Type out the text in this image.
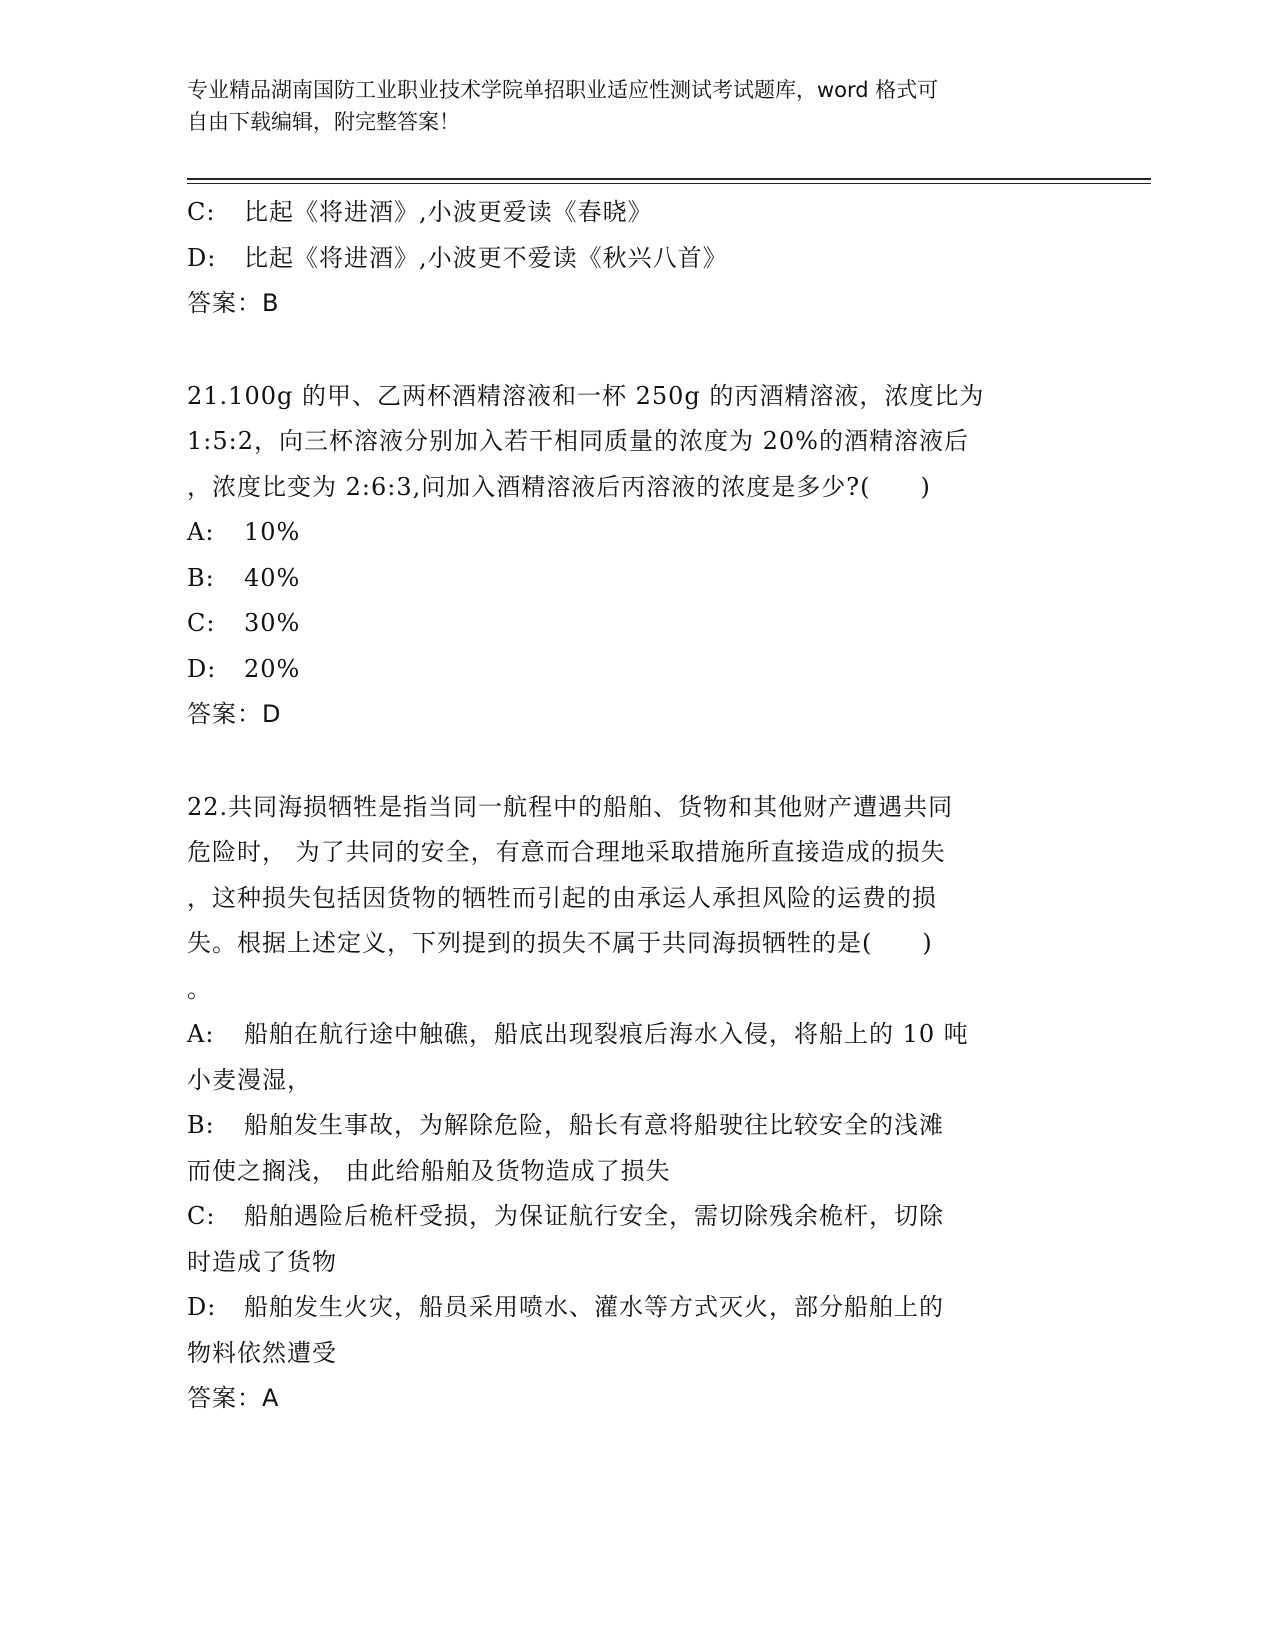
专业精品湖南国防工业职业技术学院单招职业适应性测试考试题库，word 格式可
自由下载编辑，附完整答案！
C:	比起《将进酒》,小波更爱读《春晓》
D:	比起《将进酒》,小波更不爱读《秋兴八首》
答案：B
21.100g 的甲、乙两杯酒精溶液和一杯 250g 的丙酒精溶液，浓度比为
1:5:2，向三杯溶液分别加入若干相同质量的浓度为 20%的酒精溶液后
，浓度比变为 2:6:3,问加入酒精溶液后丙溶液的浓度是多少?(　　)
A:	10%
B:	40%
C:	30%
D:	20%
答案：D
22.共同海损牺牲是指当同一航程中的船舶、货物和其他财产遭遇共同
危险时， 为了共同的安全，有意而合理地采取措施所直接造成的损失
，这种损失包括因货物的牺牲而引起的由承运人承担风险的运费的损
失。根据上述定义，下列提到的损失不属于共同海损牺牲的是(　　)
。
A:	船舶在航行途中触礁，船底出现裂痕后海水入侵，将船上的 10 吨
小麦漫湿，
B:	船舶发生事故，为解除危险，船长有意将船驶往比较安全的浅滩
而使之搁浅， 由此给船舶及货物造成了损失
C:	船舶遇险后桅杆受损，为保证航行安全，需切除残余桅杆，切除
时造成了货物
D:	船舶发生火灾，船员采用喷水、灌水等方式灭火，部分船舶上的
物料依然遭受
答案：A
